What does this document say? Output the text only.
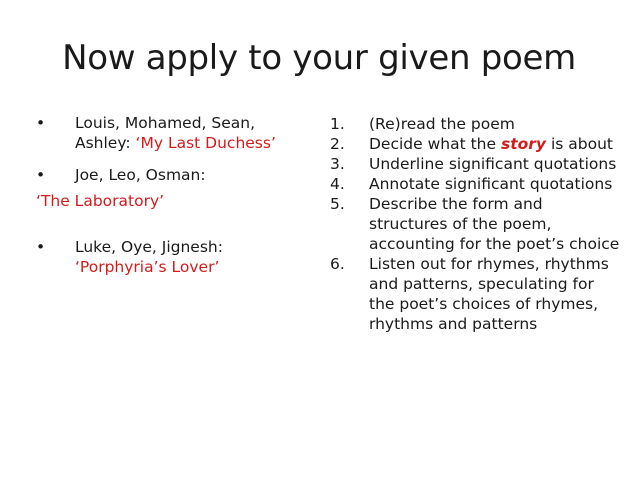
Now apply to your given poem

• Louis, Mohamed, Sean, Ashley: ‘My Last Duchess’

• Joe, Leo, Osman:

‘The Laboratory’

• Luke, Oye, Jignesh:
‘Porphyria’s Lover’

1. (Re)read the poem
2. Decide what the story is about
3. Underline significant quotations
4. Annotate significant quotations
5. Describe the form and structures of the poem, accounting for the poet’s choice
6. Listen out for rhymes, rhythms and patterns, speculating for the poet’s choices of rhymes, rhythms and patterns
